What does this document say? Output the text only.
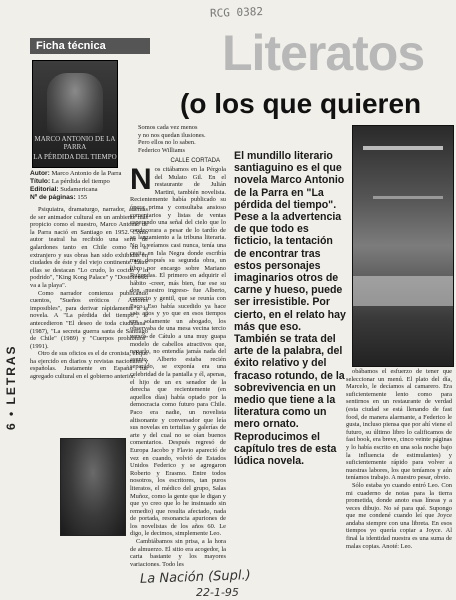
RCG 0382
Literatos
(o los que quieren
Ficha técnica
6 • LETRAS
MARCO ANTONIO DE LA PARRA
LA PÉRDIDA DEL TIEMPO
Autor: Marco Antonio de la Parra
Título: La pérdida del tiempo
Editorial: Sudamericana
Nº de páginas: 155

Psiquiatra, dramaturgo, narrador, además de ser animador cultural en un ambiente más propicio como el nuestro, Marco Antonio de la Parra nació en Santiago en 1952. Como autor teatral ha recibido una serie de galardones tanto en Chile como en el extranjero y sus obras han sido exhibidas en ciudades de éste y del viejo continente. Entre ellas se destacan "Lo crudo, lo cocido y lo podrido", "King Kong Palace" y "Dostoievski va a la playa".

Como narrador comienza publicando cuentos, "Sueños eróticos / Amores imposibles", para derivar rápidamente a la novela. A "La pérdida del tiempo", le antecedieron "El deseo de toda ciudadana" (1987), "La secreta guerra santa de Santiago de Chile" (1989) y "Cuerpos prohibidos" (1991).

Otro de sus oficios es el de cronista, el que ha ejercido en diarios y revistas nacionales y españolas. Justamente en España fue agregado cultural en el gobierno anterior.

Somos cada vez menos

y no nos quedan ilusiones.

Pero ellos no lo saben.

Federico Williams

CALLE CORTADA

N os citábamos en la Pérgola del Mulato Gil. En el restaurante de Julián Martini, también novelista. Recientemente había publicado su ópera prima y consultaba ansioso comentarios y listas de ventas esperando una señal del cielo que lo condecorara a pesar de lo tardío de su lanzamiento a la tribuna literaria. No lo veíamos casi nunca, tenía una casita en Isla Negra donde escribía muy después su segunda obra, un libro por encargo sobre Mariano Rugendas. El primero en adquirir el hábito -creer, más bien, fue ese su don, nuestro ingreso- fue Alberto, correcto y gentil, que se reunía con Paco. Eso había sucedido ya hace seis años y yo que en esos tiempos era solamente un abogado, los observaba de una mesa vecina tercio versos de Cátulo a una muy guapa modelo de cabellos atractivos que, negarlo, no entendía jamás nada del asunto. Alberto estaba recién separado, se exponía era una celebridad de la pantalla y él, apenas, el hijo de un ex senador de la derecha que recientemente (en aquellos días) había optado por la democracia como futuro para Chile. Paco era nadie, un novelista altisonante y conversador que leía sus novelas en tertulias y galerías de arte y del cual no se oían buenos comentarios. Después regresó de Europa Jacobo y Flavio apareció de vez en cuando, volvió de Estados Unidos Federico y se agregaron Roberto y Erasmo. Entre todos nosotros, los escritores, tan puros literatos, el médico del grupo, Salas Muñoz, como la gente que le digan y que yo creo que lo he insinuado sin remedio) que resulta afectado, nada de portada, resonancia apuriones de los novelistas de los años 60. Le digo, le decimos, simplemente Leo.

Cambiábamos sin prisa, a la hora de almuerzo. El sitio era acogedor, la carta bastante y los mayores variaciones. Todo les

El mundillo literario santiaguino es el que novela Marco Antonio de la Parra en "La pérdida del tiempo". Pese a la advertencia de que todo es ficticio, la tentación de encontrar tras estos personajes imaginarios otros de carne y hueso, puede ser irresistible. Por cierto, en el relato hay más que eso. También se trata del arte de la palabra, del éxito relativo y del fracaso rotundo, de la sobrevivencia en un medio que tiene a la literatura como un mero ornato. Reproducimos el capítulo tres de esta lúdica novela.

obábamos el esfuerzo de tener que seleccionar un menú. El plato del día, Marcelo, le decíamos al camarero. Era suficientemente lento como para sentirnos en un restaurante de verdad (esta ciudad se está llenando de fast food, de manera alarmante, a Federico le gusta, incluso piensa que por ahí viene el futuro, su último libro lo calificamos de fast book, era breve, cinco veinte páginas y lo había escrito en una sola noche bajo la influencia de estimulantes) y suficientemente rápido para volver a nuestras labores, los que teníamos y aún teníamos trabajo. A nuestro pesar, obvio.

Sólo estaba yo cuando entró Leo. Con mi cuaderno de notas para la tierra prometida, donde anoto esas líneas y a veces dibujo. No sé para qué. Supongo que me condené cuando leí que Joyce andaba siempre con una libreta. En esos tiempos yo quería copiar a Joyce. Al final la identidad nuestra es una suma de malas copias. Anoté: Leo.

La Nación (Supl.)
22-1-95
